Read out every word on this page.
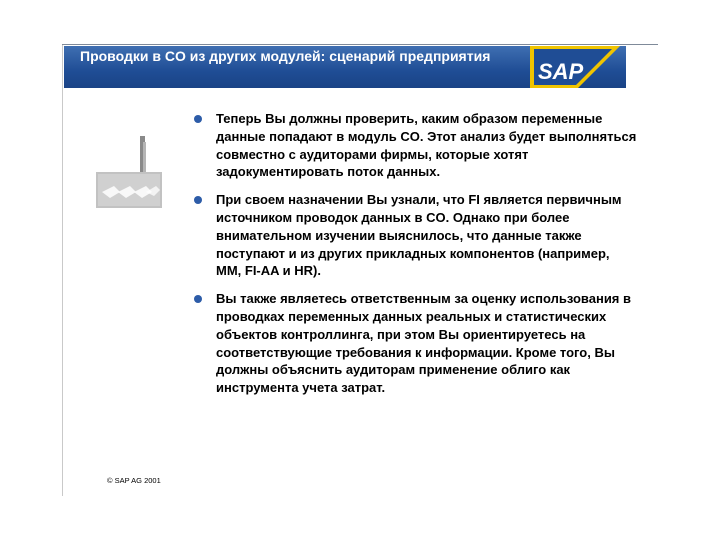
Проводки в CO из других модулей: сценарий предприятия
SAP
Теперь Вы должны проверить, каким образом переменные данные попадают в модуль CO. Этот анализ будет выполняться совместно с аудиторами фирмы, которые хотят задокументировать поток данных.
При своем назначении Вы узнали, что FI является первичным источником проводок данных в CO. Однако при более внимательном изучении выяснилось, что данные также поступают и из других прикладных компонентов (например, MM, FI-AA и HR).
Вы также являетесь ответственным за оценку использования в проводках переменных данных реальных и статистических объектов контроллинга, при этом Вы ориентируетесь на соответствующие требования к информации. Кроме того, Вы должны объяснить аудиторам применение облиго как инструмента учета затрат.
© SAP AG 2001
